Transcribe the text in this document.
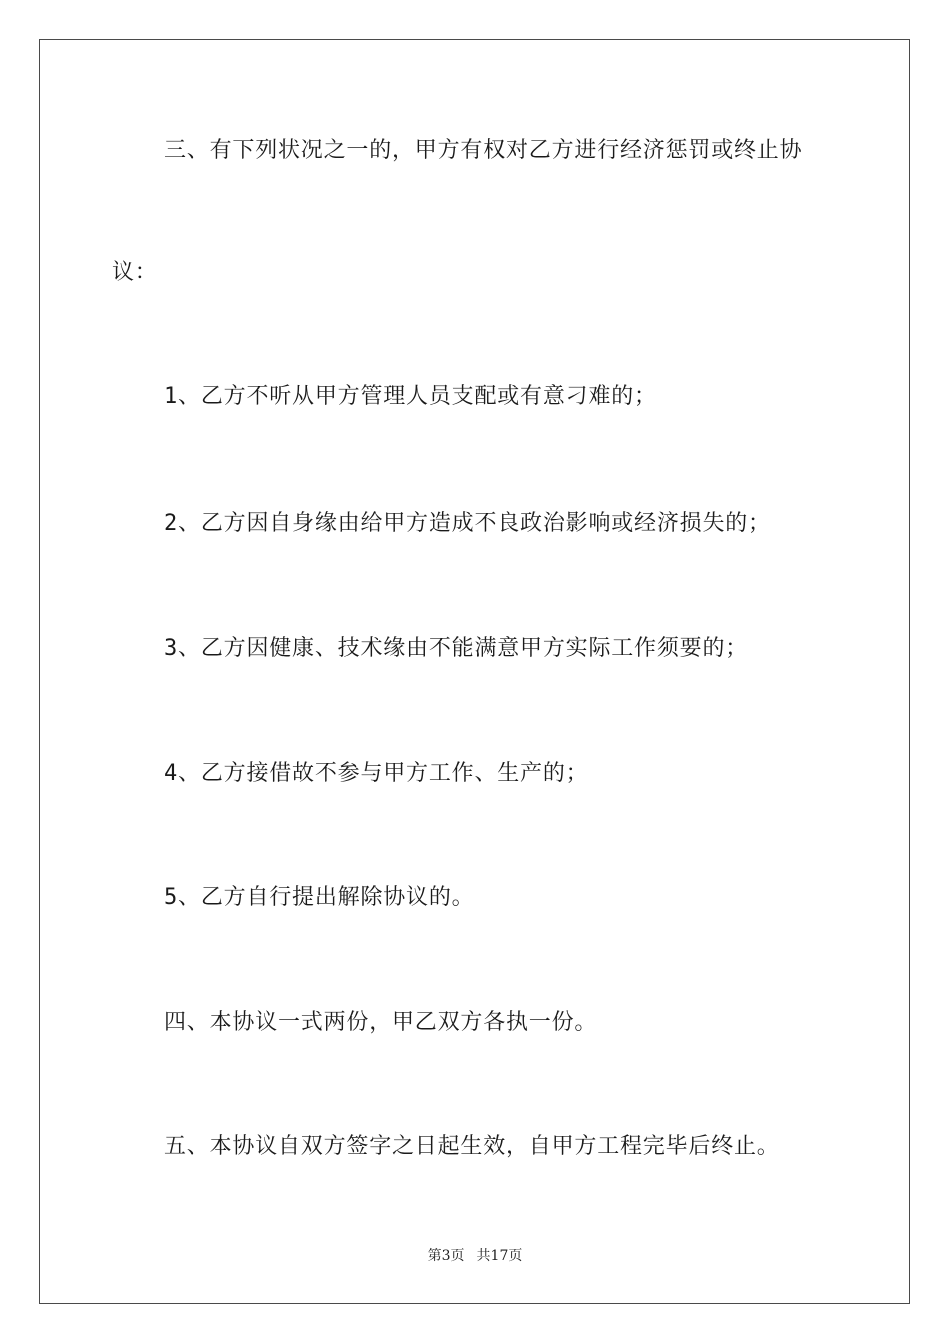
三、有下列状况之一的，甲方有权对乙方进行经济惩罚或终止协
议：
1、乙方不听从甲方管理人员支配或有意刁难的；
2、乙方因自身缘由给甲方造成不良政治影响或经济损失的；
3、乙方因健康、技术缘由不能满意甲方实际工作须要的；
4、乙方接借故不参与甲方工作、生产的；
5、乙方自行提出解除协议的。
四、本协议一式两份，甲乙双方各执一份。
五、本协议自双方签字之日起生效，自甲方工程完毕后终止。
第3页 共17页
